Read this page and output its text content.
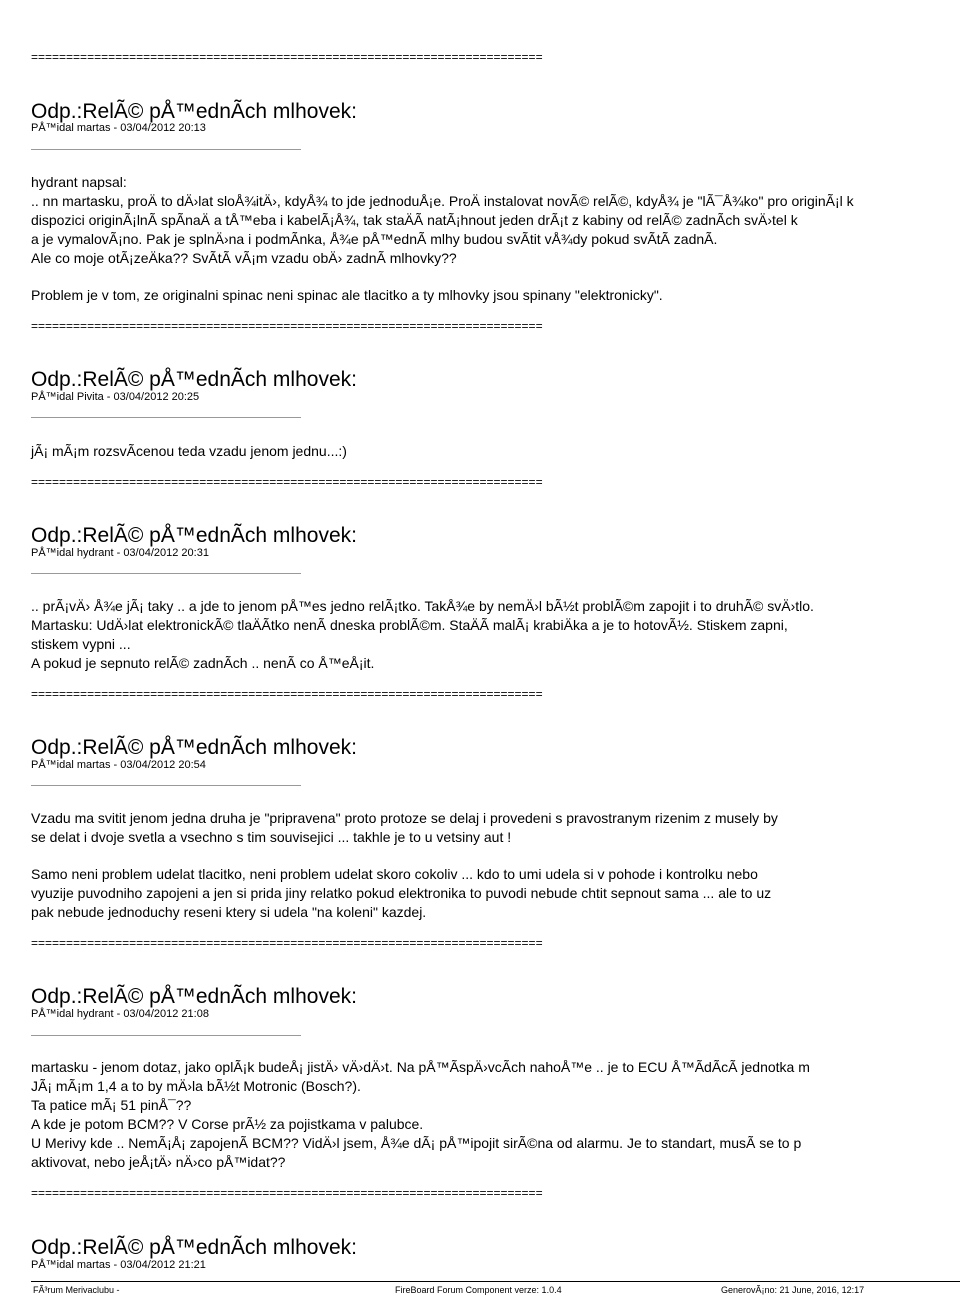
=========================================================================
Odp.:RelÃ© pÅ™ednÃch mlhovek:
PÅ™idal martas - 03/04/2012 20:13
hydrant napsal:
.. nn martasku, proÄ to dÄ›lat sloÅ¾itÄ›, kdyÅ¾ to jde jednoduÅ¡e. ProÄ instalovat novÃ© relÃ©, kdyÅ¾ je "lÃ¯Å¾ko" pro originÃ¡l k
dispozici originÃ¡lnÃ spÃnaÄ a tÅ™eba i kabelÃ¡Å¾, tak staÄÃ natÃ¡hnout jeden drÃ¡t z kabiny od relÃ© zadnÃch svÄ›tel k
a je vymalovÃ¡no. Pak je splnÄ›na i podmÃnka, Å¾e pÅ™ednÃ mlhy budou svÃtit vÅ¾dy pokud svÃtÃ zadnÃ.
Ale co moje otÃ¡zeÄka?? SvÃtÃ vÃ¡m vzadu obÄ› zadnÃ mlhovky??
Problem je v tom, ze originalni spinac neni spinac ale tlacitko a ty mlhovky jsou spinany "elektronicky".
=========================================================================
Odp.:RelÃ© pÅ™ednÃch mlhovek:
PÅ™idal Pivita - 03/04/2012 20:25
jÃ¡ mÃ¡m rozsvÃcenou teda vzadu jenom jednu...:)
=========================================================================
Odp.:RelÃ© pÅ™ednÃch mlhovek:
PÅ™idal hydrant - 03/04/2012 20:31
.. prÃ¡vÄ› Å¾e jÃ¡ taky .. a jde to jenom pÅ™es jedno relÃ¡tko. TakÅ¾e by nemÄ›l bÃ½t problÃ©m zapojit i to druhÃ© svÄ›tlo.
Martasku: UdÄ›lat elektronickÃ© tlaÄÃtko nenÃ dneska problÃ©m. StaÄÃ malÃ¡ krabiÄka a je to hotovÃ½. Stiskem zapni,
stiskem vypni ...
A pokud je sepnuto relÃ© zadnÃch .. nenÃ co Å™eÅ¡it.
=========================================================================
Odp.:RelÃ© pÅ™ednÃch mlhovek:
PÅ™idal martas - 03/04/2012 20:54
Vzadu ma svitit jenom jedna druha je "pripravena" proto protoze se delaj i provedeni s pravostranym rizenim z musely by
se delat i dvoje svetla a vsechno s tim souvisejici ... takhle je to u vetsiny aut !
Samo neni problem udelat tlacitko, neni problem udelat skoro cokoliv ... kdo to umi udela si v pohode i kontrolku nebo
vyuzije puvodniho zapojeni a jen si prida jiny relatko pokud elektronika to puvodi nebude chtit sepnout sama ... ale to uz
pak nebude jednoduchy reseni ktery si udela "na koleni" kazdej.
=========================================================================
Odp.:RelÃ© pÅ™ednÃch mlhovek:
PÅ™idal hydrant - 03/04/2012 21:08
martasku - jenom dotaz, jako oplÃ¡k budeÅ¡ jistÄ› vÄ›dÄ›t. Na pÅ™ÃspÄ›vcÃch nahoÅ™e .. je to ECU Å™ÃdÃcÃ jednotka m
JÃ¡ mÃ¡m 1,4 a to by mÄ›la bÃ½t Motronic (Bosch?).
Ta patice mÃ¡ 51 pinÅ¯??
A kde je potom BCM?? V Corse prÃ½ za pojistkama v palubce.
U Merivy kde .. NemÃ¡Å¡ zapojenÃ BCM?? VidÄ›l jsem, Å¾e dÃ¡ pÅ™ipojit sirÃ©na od alarmu. Je to standart, musÃ se to p
aktivovat, nebo jeÅ¡tÄ› nÄ›co pÅ™idat??
=========================================================================
Odp.:RelÃ© pÅ™ednÃch mlhovek:
PÅ™idal martas - 03/04/2012 21:21
FÃ³rum Merivaclubu -	FireBoard Forum Component verze: 1.0.4	GenerovÃ¡no: 21 June, 2016, 12:17
